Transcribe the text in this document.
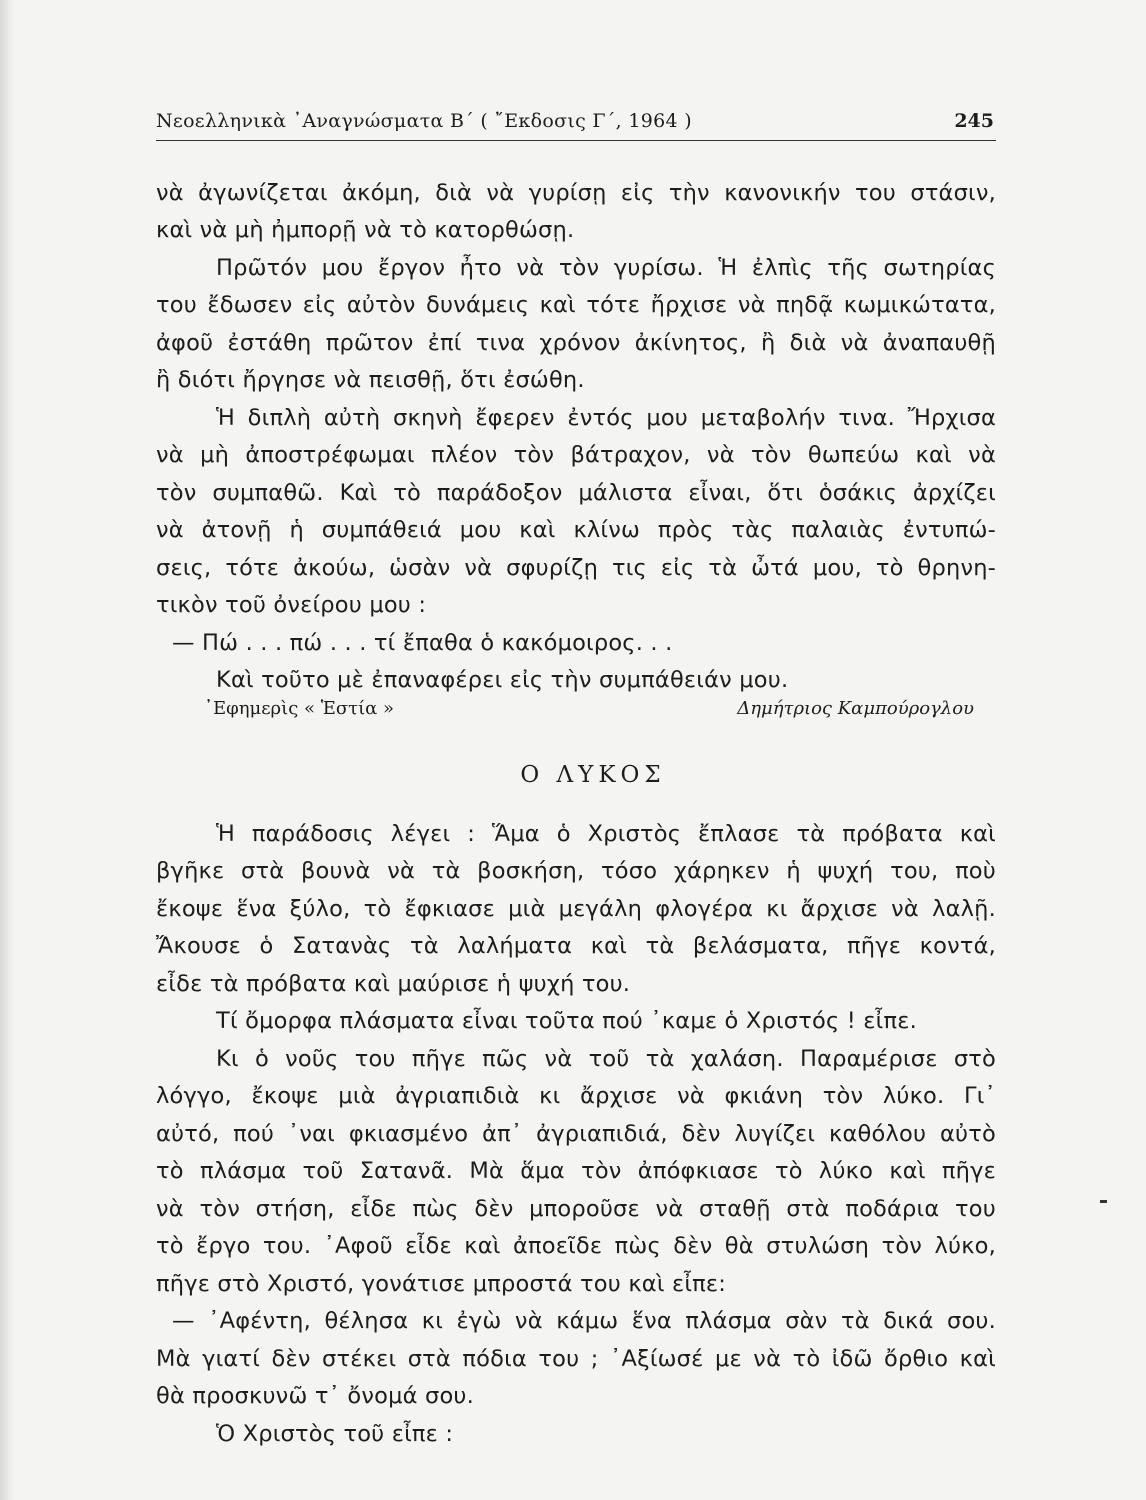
Νεοελληνικὰ ᾿Αναγνώσματα Β΄ ( ῎Εκδοσις Γ΄, 1964 )	245
νὰ ἀγωνίζεται ἀκόμη, διὰ νὰ γυρίσῃ εἰς τὴν κανονικήν του στάσιν,
καὶ νὰ μὴ ἠμπορῇ νὰ τὸ κατορθώσῃ.
Πρῶτόν μου ἔργον ἦτο νὰ τὸν γυρίσω. Ἡ ἐλπὶς τῆς σωτηρίας
του ἔδωσεν εἰς αὐτὸν δυνάμεις καὶ τότε ἤρχισε νὰ πηδᾷ κωμικώτατα,
ἀφοῦ ἐστάθη πρῶτον ἐπί τινα χρόνον ἀκίνητος, ἢ διὰ νὰ ἀναπαυθῇ
ἢ διότι ἤργησε νὰ πεισθῇ, ὅτι ἐσώθη.
Ἡ διπλὴ αὐτὴ σκηνὴ ἔφερεν ἐντός μου μεταβολήν τινα. Ἤρχισα
νὰ μὴ ἀποστρέφωμαι πλέον τὸν βάτραχον, νὰ τὸν θωπεύω καὶ νὰ
τὸν συμπαθῶ. Καὶ τὸ παράδοξον μάλιστα εἶναι, ὅτι ὁσάκις ἀρχίζει
νὰ ἀτονῇ ἡ συμπάθειά μου καὶ κλίνω πρὸς τὰς παλαιὰς ἐντυπώ-
σεις, τότε ἀκούω, ὡσὰν νὰ σφυρίζῃ τις εἰς τὰ ὦτά μου, τὸ θρηνη-
τικὸν τοῦ ὀνείρου μου :
— Πώ . . . πώ . . . τί ἔπαθα ὁ κακόμοιρος. . .
Καὶ τοῦτο μὲ ἐπαναφέρει εἰς τὴν συμπάθειάν μου.
᾿Εφημερὶς « Ἑστία »	Δημήτριος Καμπούρογλου
Ο ΛΥΚΟΣ
Ἡ παράδοσις λέγει : Ἅμα ὁ Χριστὸς ἔπλασε τὰ πρόβατα καὶ
βγῆκε στὰ βουνὰ νὰ τὰ βοσκήση, τόσο χάρηκεν ἡ ψυχή του, ποὺ
ἔκοψε ἕνα ξύλο, τὸ ἔφκιασε μιὰ μεγάλη φλογέρα κι ἄρχισε νὰ λαλῇ.
Ἄκουσε ὁ Σατανὰς τὰ λαλήματα καὶ τὰ βελάσματα, πῆγε κοντά,
εἶδε τὰ πρόβατα καὶ μαύρισε ἡ ψυχή του.
Τί ὄμορφα πλάσματα εἶναι τοῦτα πού ᾿καμε ὁ Χριστός ! εἶπε.
Κι ὁ νοῦς του πῆγε πῶς νὰ τοῦ τὰ χαλάση. Παραμέρισε στὸ
λόγγο, ἔκοψε μιὰ ἀγριαπιδιὰ κι ἄρχισε νὰ φκιάνη τὸν λύκο. Γι᾿
αὐτό, πού ᾿ναι φκιασμένο ἀπ᾿ ἀγριαπιδιά, δὲν λυγίζει καθόλου αὐτὸ
τὸ πλάσμα τοῦ Σατανᾶ. Μὰ ἅμα τὸν ἀπόφκιασε τὸ λύκο καὶ πῆγε
νὰ τὸν στήση, εἶδε πὼς δὲν μποροῦσε νὰ σταθῇ στὰ ποδάρια του
τὸ ἔργο του. ᾿Αφοῦ εἶδε καὶ ἀποεῖδε πὼς δὲν θὰ στυλώση τὸν λύκο,
πῆγε στὸ Χριστό, γονάτισε μπροστά του καὶ εἶπε:
— ᾿Αφέντη, θέλησα κι ἐγὼ νὰ κάμω ἕνα πλάσμα σὰν τὰ δικά σου.
Μὰ γιατί δὲν στέκει στὰ πόδια του ; ᾿Αξίωσέ με νὰ τὸ ἰδῶ ὄρθιο καὶ
θὰ προσκυνῶ τ᾿ ὄνομά σου.
Ὁ Χριστὸς τοῦ εἶπε :
